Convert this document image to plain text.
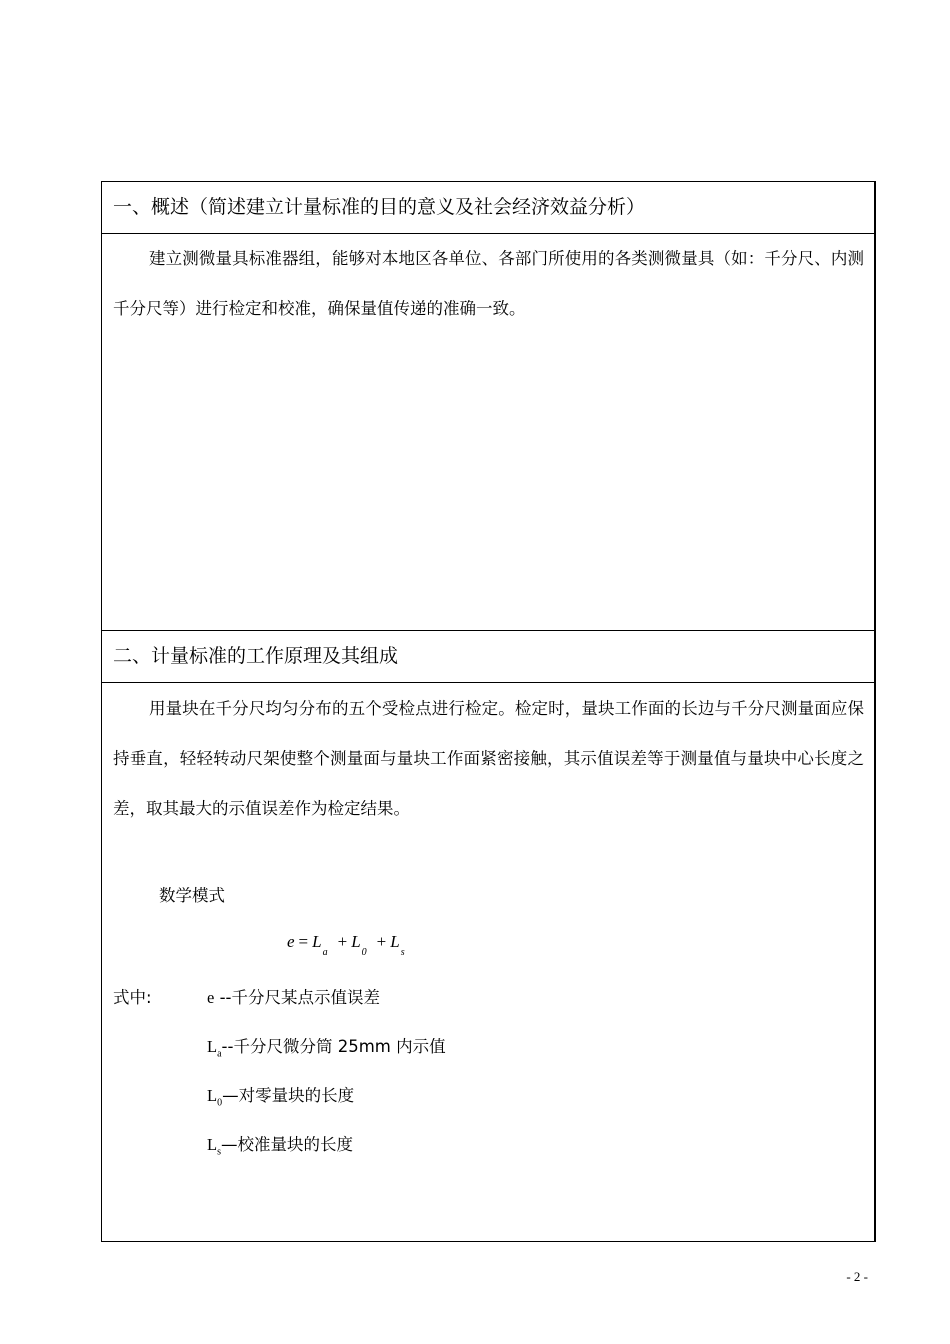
一、概述（简述建立计量标准的目的意义及社会经济效益分析）

建立测微量具标准器组，能够对本地区各单位、各部门所使用的各类测微量具（如：千分尺、内测千分尺等）进行检定和校准，确保量值传递的准确一致。

二、计量标准的工作原理及其组成

用量块在千分尺均匀分布的五个受检点进行检定。检定时，量块工作面的长边与千分尺测量面应保持垂直，轻轻转动尺架使整个测量面与量块工作面紧密接触，其示值误差等于测量值与量块中心长度之差，取其最大的示值误差作为检定结果。

数学模式
$e = L_a+ L_0+ L_s$
式中:	e --千分尺某点示值误差
$L_a--$千分尺微分筒 25mm 内示值
$L_0—$对零量块的长度
$L_s—$校准量块的长度
- 2 -
